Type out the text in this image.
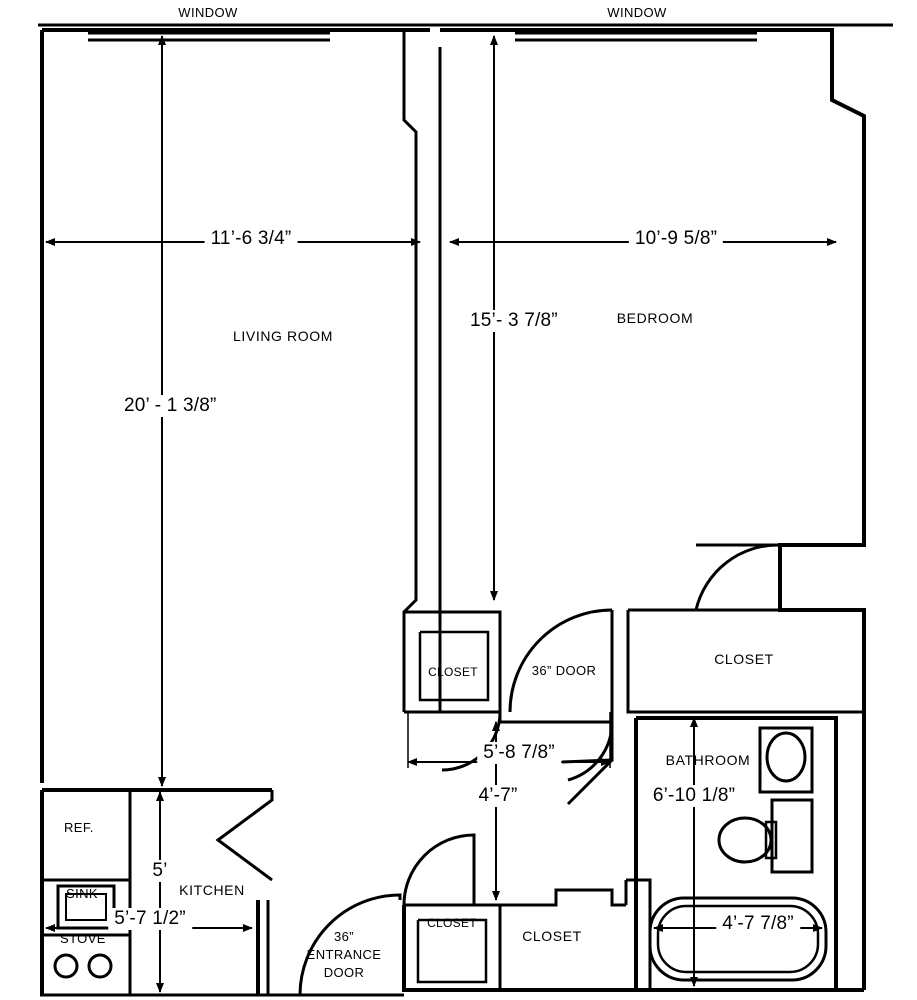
WINDOW	WINDOW
LIVING ROOM
BEDROOM
KITCHEN
BATHROOM
CLOSET
CLOSET
CLOSET
CLOSET
REF.
SINK
STOVE
36” DOOR
36”
ENTRANCE
DOOR
11’-6 3/4”	10’-9 5/8”
20’ - 1 3/8”
15’- 3 7/8”
5’-8 7/8”
4’-7”	6’-10 1/8”
4’-7 7/8”
5’
5’-7 1/2”
